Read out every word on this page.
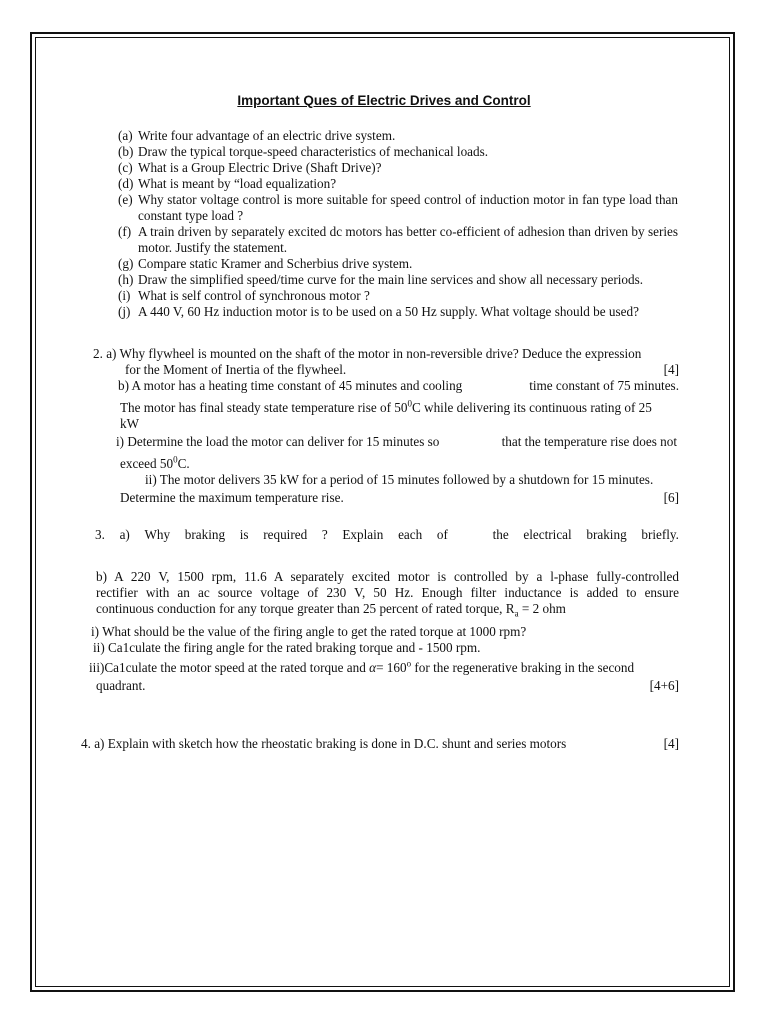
Important Ques of Electric Drives and Control
(a) Write four advantage of an electric drive system.
(b) Draw the typical torque-speed characteristics of mechanical loads.
(c) What is a Group Electric Drive (Shaft Drive)?
(d) What is meant by “load equalization?
(e) Why stator voltage control is more suitable for speed control of induction motor in fan type load than constant type load ?
(f) A train driven by separately excited dc motors has better co-efficient of adhesion than driven by series motor. Justify the statement.
(g) Compare static Kramer and Scherbius drive system.
(h) Draw the simplified speed/time curve for the main line services and show all necessary periods.
(i) What is self control of synchronous motor ?
(j) A 440 V, 60 Hz induction motor is to be used on a 50 Hz supply. What voltage should be used?
2. a) Why flywheel is mounted on the shaft of the motor in non-reversible drive? Deduce the expression
for the Moment of Inertia of the flywheel.	[4]
b) A motor has a heating time constant of 45 minutes and cooling	time constant of 75 minutes.
The motor has final steady state temperature rise of $50^0C$ while delivering its continuous rating of 25
kW
i) Determine the load the motor can deliver for 15 minutes so	that the temperature rise does not
exceed $50^0C$.
ii) The motor delivers 35 kW for a period of 15 minutes followed by a shutdown for 15 minutes.
Determine the maximum temperature rise.	[6]
3. a) Why braking is required ? Explain each of	the electrical braking briefly.
b) A 220 V, 1500 rpm, 11.6 A separately excited motor is controlled by a l-phase fully-controlled
rectifier with an ac source voltage of 230 V, 50 Hz. Enough filter inductance is added to ensure
continuous conduction for any torque greater than 25 percent of rated torque, $R_a = 2$ ohm
i) What should be the value of the firing angle to get the rated torque at 1000 rpm?
ii) Ca1culate the firing angle for the rated braking torque and - 1500 rpm.
iii)Ca1culate the motor speed at the rated torque and $\alpha= 160^o$ for the regenerative braking in the second
quadrant.	[4+6]
4. a) Explain with sketch how the rheostatic braking is done in D.C. shunt and series motors	[4]
